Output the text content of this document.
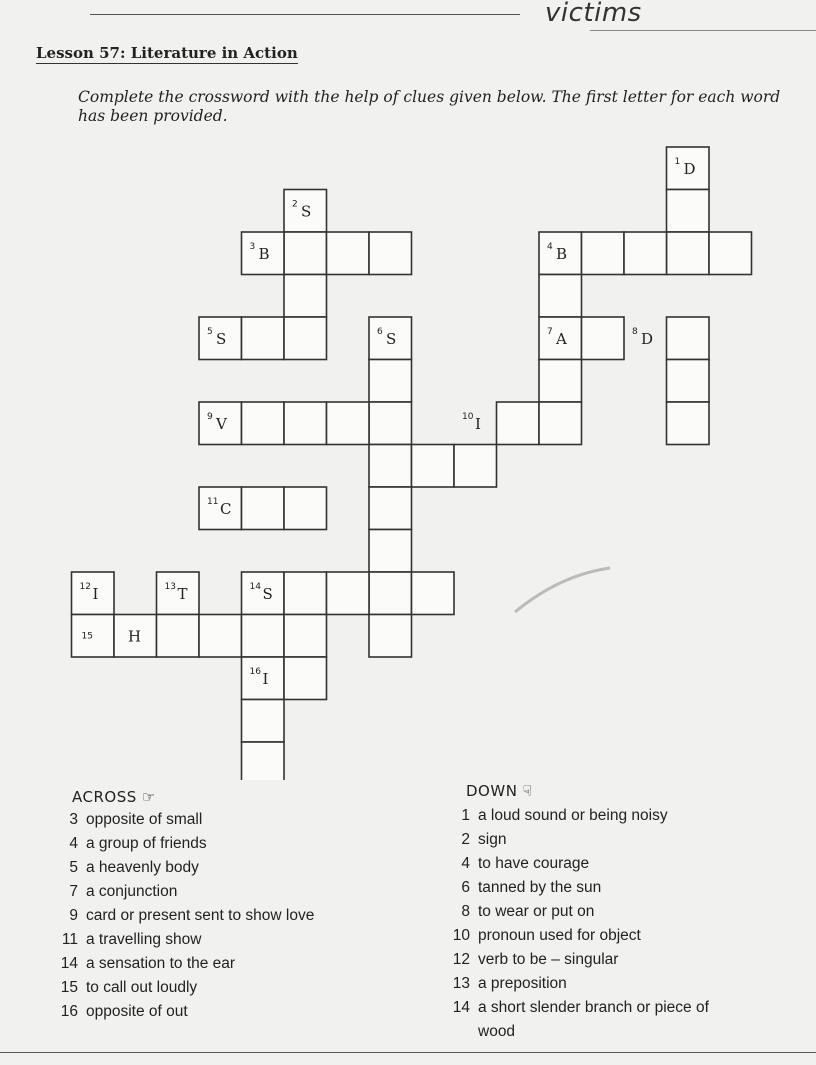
victims
Lesson 57: Literature in Action
Complete the crossword with the help of clues given below. The first letter for each word has been provided.
1 D
2 S
3 B	4 B
5 S	6 S	7 A	8 D
9 V	10 I
11 C
12 I	13 T	14 S
15 H
16 I
ACROSS ☞	DOWN ☟
3 opposite of small
4 a group of friends
5 a heavenly body
7 a conjunction
9 card or present sent to show love
11 a travelling show
14 a sensation to the ear
15 to call out loudly
16 opposite of out
1 a loud sound or being noisy
2 sign
4 to have courage
6 tanned by the sun
8 to wear or put on
10 pronoun used for object
12 verb to be – singular
13 a preposition
14 a short slender branch or piece of
wood
